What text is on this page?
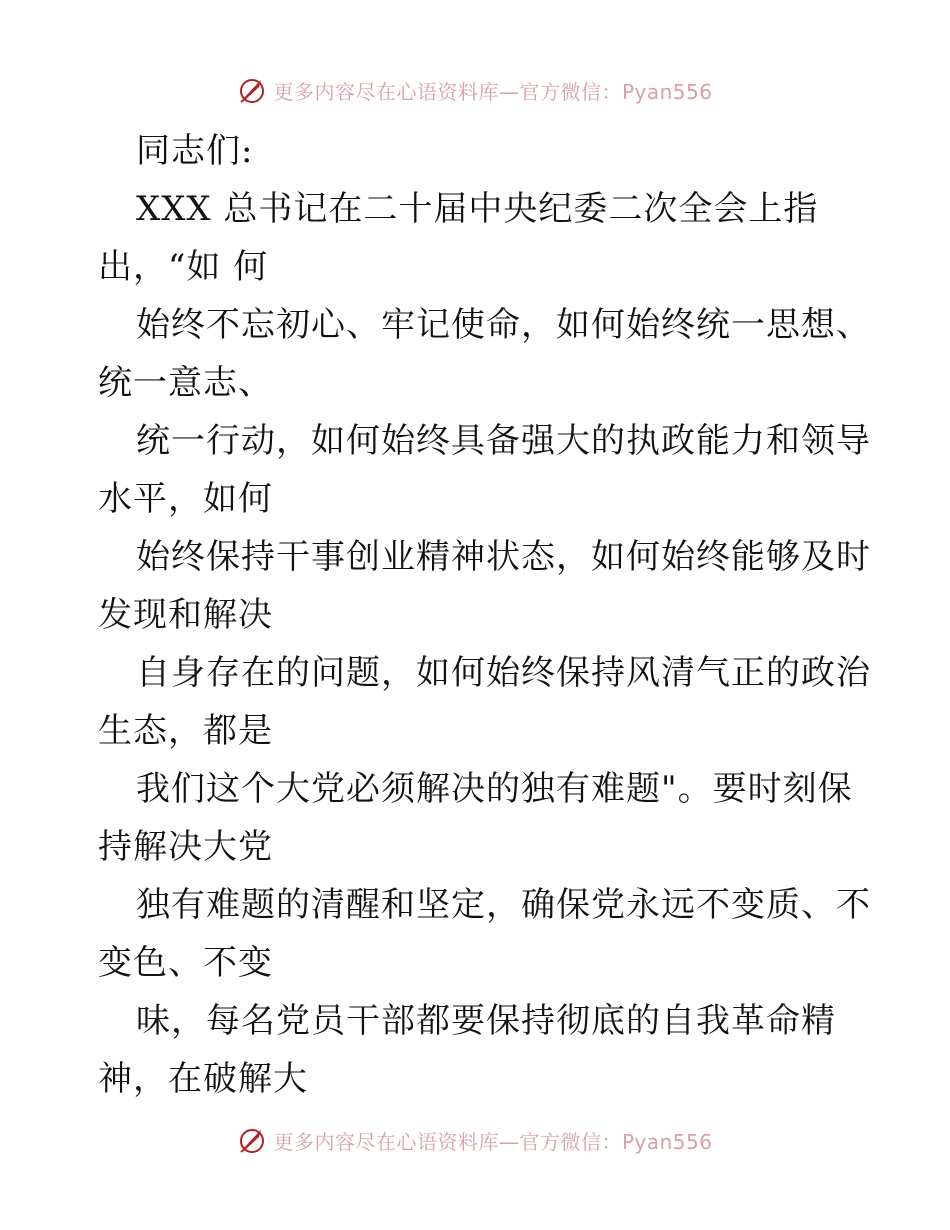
更多内容尽在心语资料库—官方微信：Pyan556
同志们:
XXX 总书记在二十届中央纪委二次全会上指
出，“如 何
始终不忘初心、牢记使命，如何始终统一思想、
统一意志、
统一行动，如何始终具备强大的执政能力和领导
水平，如何
始终保持干事创业精神状态，如何始终能够及时
发现和解决
自身存在的问题，如何始终保持风清气正的政治
生态，都是
我们这个大党必须解决的独有难题"。要时刻保
持解决大党
独有难题的清醒和坚定，确保党永远不变质、不
变色、不变
味，每名党员干部都要保持彻底的自我革命精
神，在破解大
更多内容尽在心语资料库—官方微信：Pyan556
